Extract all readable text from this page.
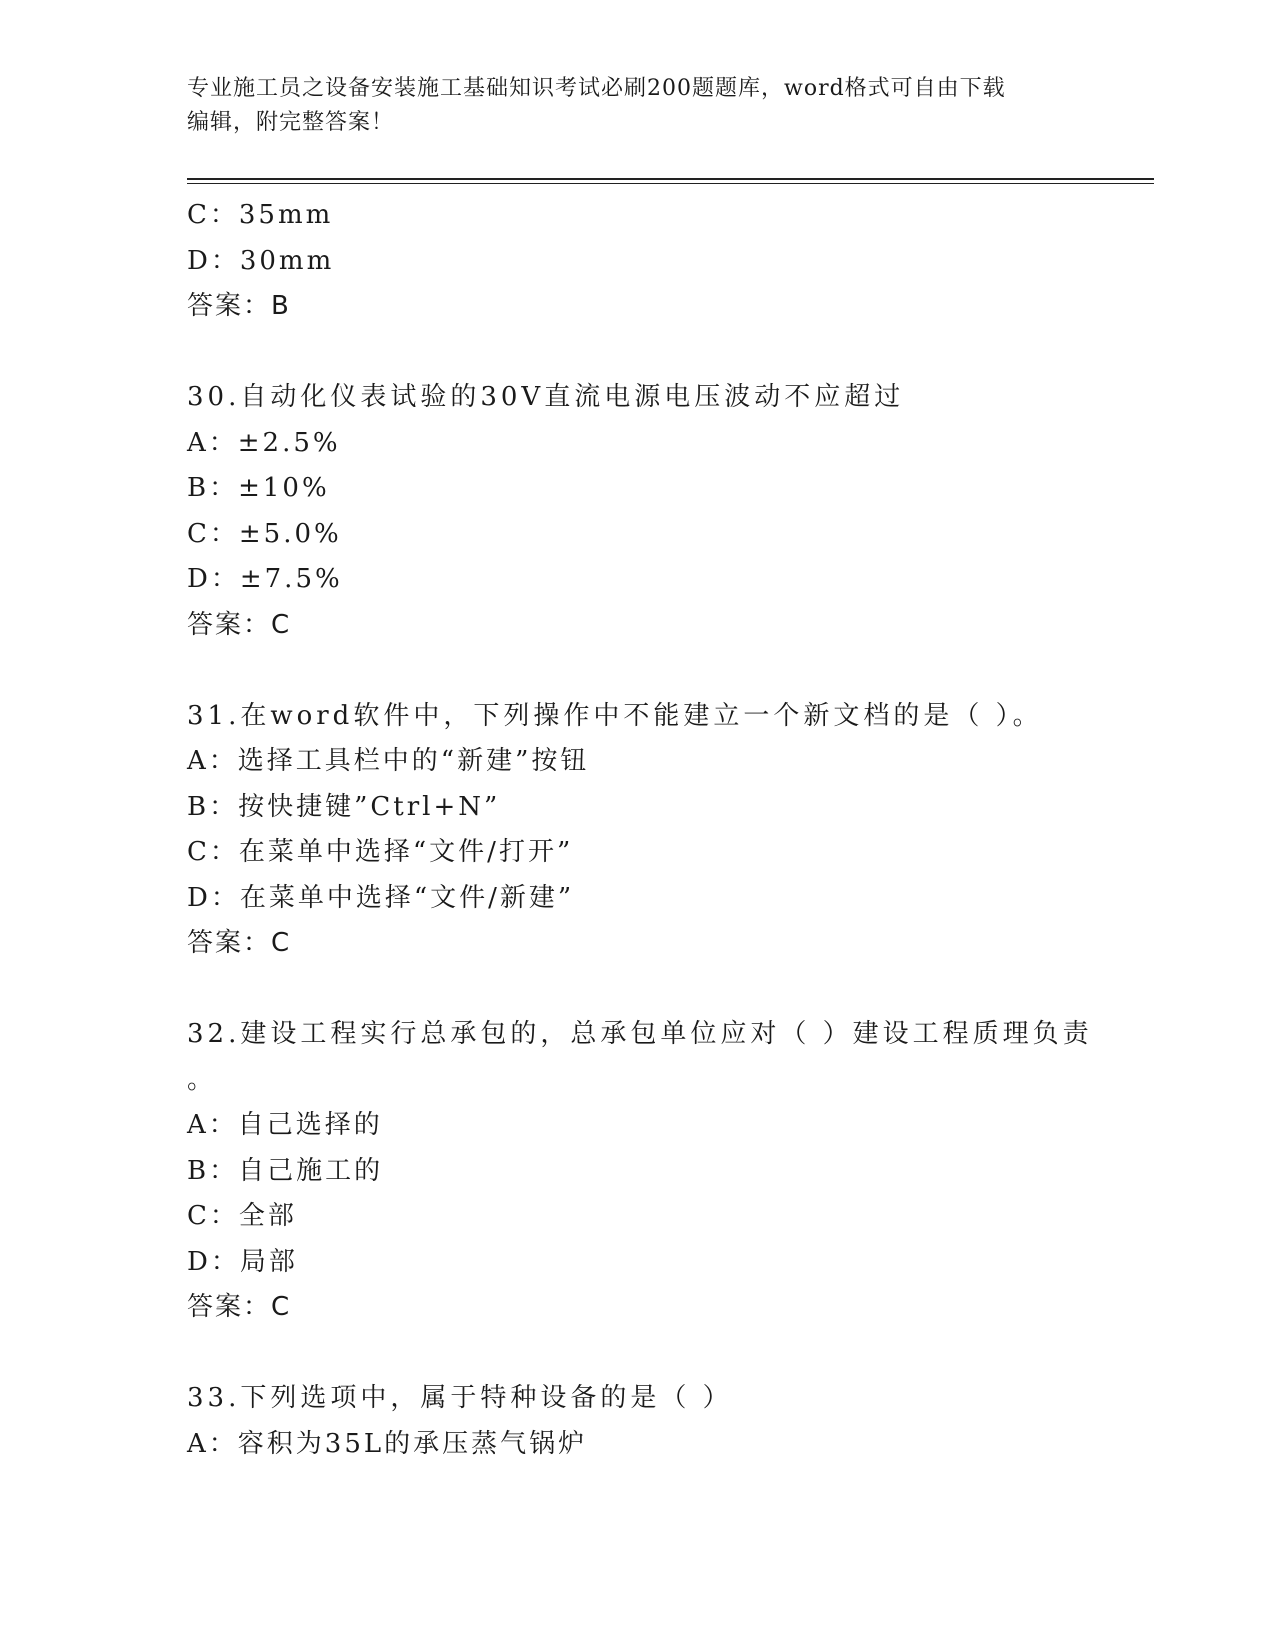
专业施工员之设备安装施工基础知识考试必刷200题题库，word格式可自由下载
编辑，附完整答案！
C：35mm
D：30mm
答案：B
30.自动化仪表试验的30V直流电源电压波动不应超过
A：±2.5%
B：±10%
C：±5.0%
D：±7.5%
答案：C
31.在word软件中，下列操作中不能建立一个新文档的是（ ）。
A：选择工具栏中的“新建”按钮
B：按快捷键”Ctrl+N”
C：在菜单中选择“文件/打开”
D：在菜单中选择“文件/新建”
答案：C
32.建设工程实行总承包的，总承包单位应对（ ）建设工程质理负责
。
A：自己选择的
B：自己施工的
C：全部
D：局部
答案：C
33.下列选项中，属于特种设备的是（ ）
A：容积为35L的承压蒸气锅炉
